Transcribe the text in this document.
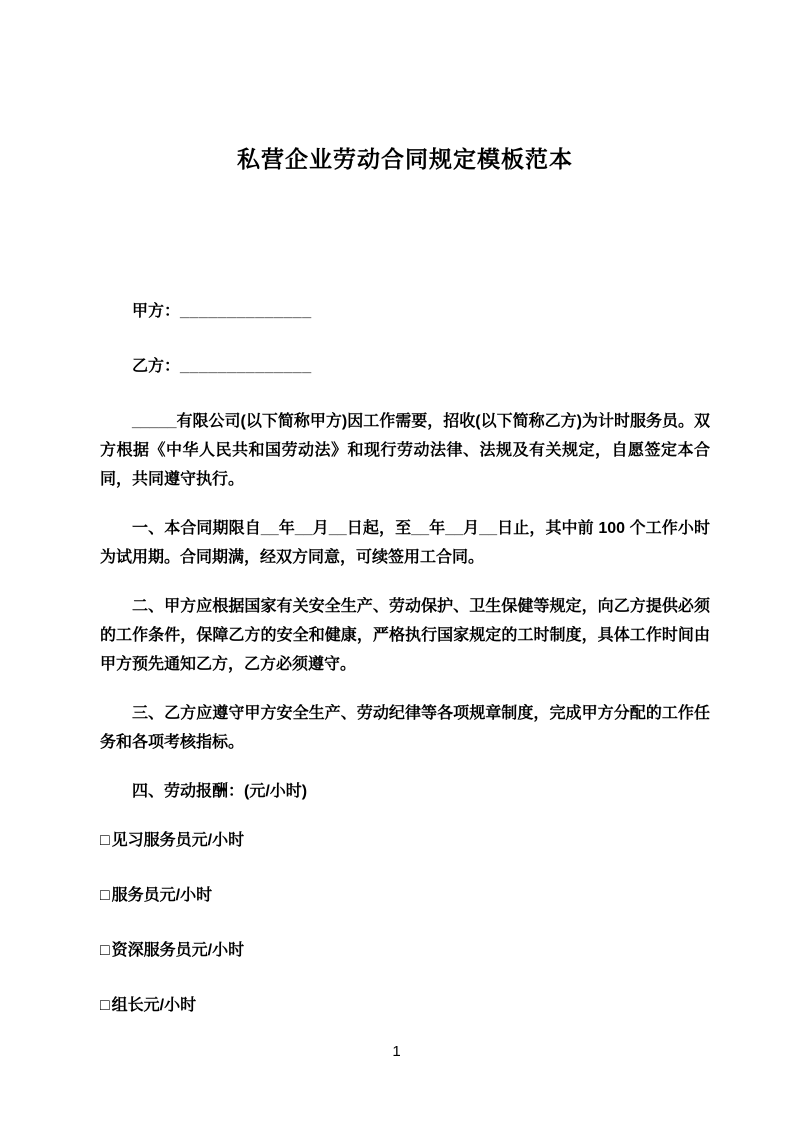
私营企业劳动合同规定模板范本

甲方：______________

乙方：______________

_____有限公司(以下简称甲方)因工作需要，招收(以下简称乙方)为计时服务员。双方根据《中华人民共和国劳动法》和现行劳动法律、法规及有关规定，自愿签定本合同，共同遵守执行。

一、本合同期限自__年__月__日起，至__年__月__日止，其中前 100 个工作小时为试用期。合同期满，经双方同意，可续签用工合同。

二、甲方应根据国家有关安全生产、劳动保护、卫生保健等规定，向乙方提供必须的工作条件，保障乙方的安全和健康，严格执行国家规定的工时制度，具体工作时间由甲方预先通知乙方，乙方必须遵守。

三、乙方应遵守甲方安全生产、劳动纪律等各项规章制度，完成甲方分配的工作任务和各项考核指标。

四、劳动报酬：(元/小时)

□ 见习服务员元/小时

□ 服务员元/小时

□ 资深服务员元/小时

□ 组长元/小时

1
